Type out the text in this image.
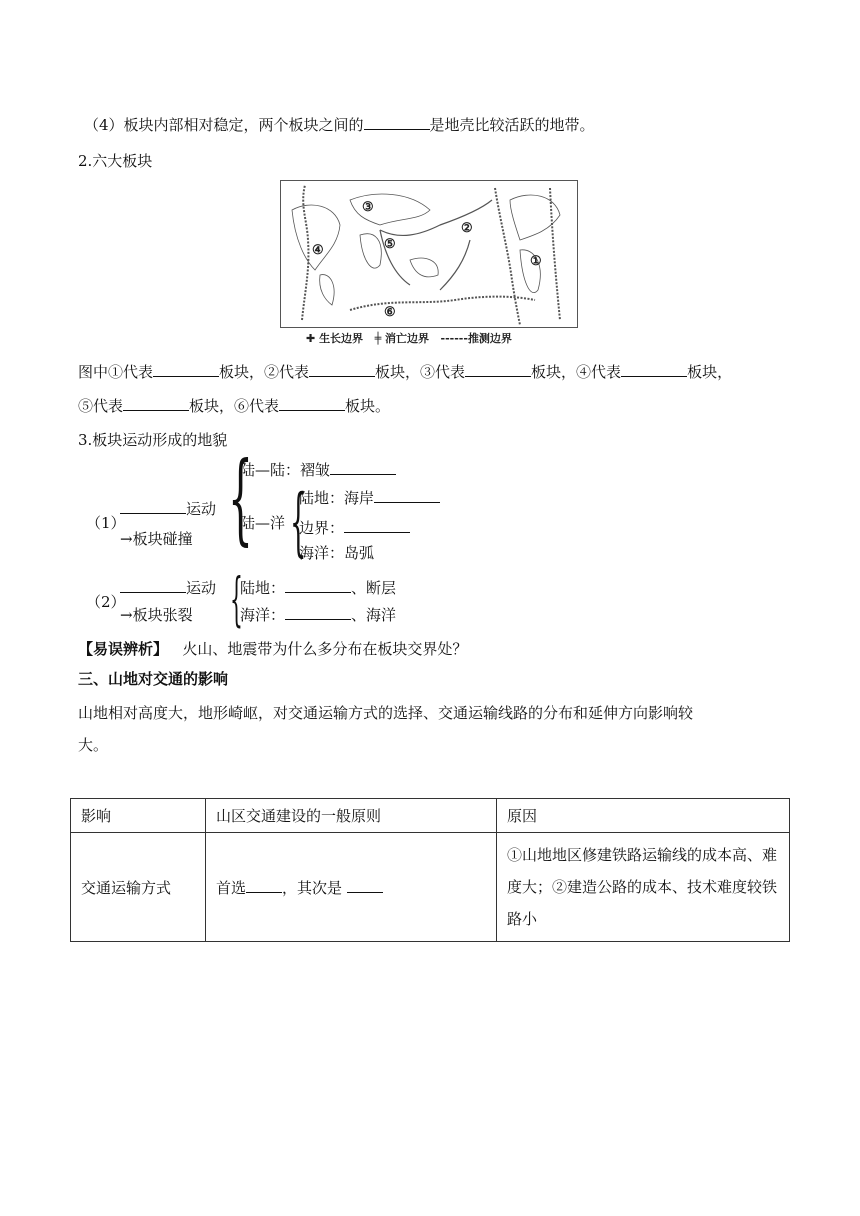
（4）板块内部相对稳定，两个板块之间的	是地壳比较活跃的地带。
2.六大板块
①
②
③
④	⑤
⑥
✚ 生长边界 ╪ 消亡边界 ------推测边界
图中①代表	板块，②代表	板块，③代表	板块，④代表	板块，
⑤代表	板块，⑥代表	板块。
3.板块运动形成的地貌
（1）
运动
→板块碰撞 {
陆—陆：褶皱
陆—洋 {
陆地：海岸
边界：
海洋：岛弧
（2）
运动
→板块张裂 {
陆地：	、断层
海洋：	、海洋
【易误辨析】 火山、地震带为什么多分布在板块交界处？
三、山地对交通的影响
山地相对高度大，地形崎岖，对交通运输方式的选择、交通运输线路的分布和延伸方向影响较
大。
影响	山区交通建设的一般原则	原因
交通运输方式	首选 ，其次是	①山地地区修建铁路运输线的成本高、难度大；②建造公路的成本、技术难度较铁路小
